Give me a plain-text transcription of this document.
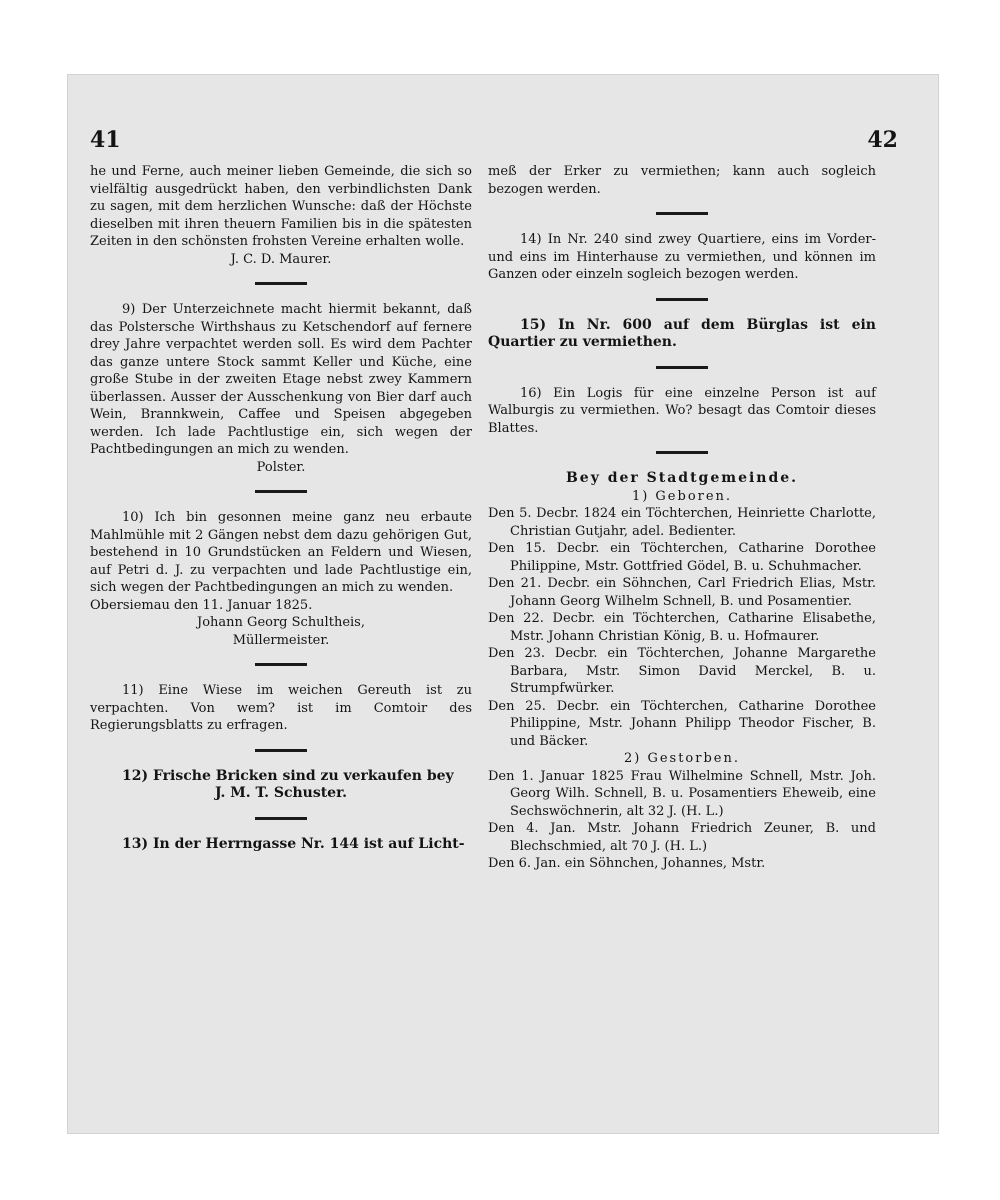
41	42

he und Ferne, auch meiner lieben Gemeinde, die sich so vielfältig ausgedrückt haben, den verbindlichsten Dank zu sagen, mit dem herzlichen Wunsche: daß der Höchste dieselben mit ihren theuern Familien bis in die spätesten Zeiten in den schönsten frohsten Vereine erhalten wolle.

J. C. D. Maurer.

9) Der Unterzeichnete macht hiermit bekannt, daß das Polstersche Wirthshaus zu Ketschendorf auf fernere drey Jahre verpachtet werden soll. Es wird dem Pachter das ganze untere Stock sammt Keller und Küche, eine große Stube in der zweiten Etage nebst zwey Kammern überlassen. Ausser der Ausschenkung von Bier darf auch Wein, Brannkwein, Caffee und Speisen abgegeben werden. Ich lade Pachtlustige ein, sich wegen der Pachtbedingungen an mich zu wenden.

Polster.

10) Ich bin gesonnen meine ganz neu erbaute Mahlmühle mit 2 Gängen nebst dem dazu gehörigen Gut, bestehend in 10 Grundstücken an Feldern und Wiesen, auf Petri d. J. zu verpachten und lade Pachtlustige ein, sich wegen der Pachtbedingungen an mich zu wenden.

Obersiemau den 11. Januar 1825.

Johann Georg Schultheis,

Müllermeister.

11) Eine Wiese im weichen Gereuth ist zu verpachten. Von wem? ist im Comtoir des Regierungsblatts zu erfragen.

12) Frische Bricken sind zu verkaufen bey

J. M. T. Schuster.

13) In der Herrngasse Nr. 144 ist auf Licht-

meß der Erker zu vermiethen; kann auch sogleich bezogen werden.

14) In Nr. 240 sind zwey Quartiere, eins im Vorder- und eins im Hinterhause zu vermiethen, und können im Ganzen oder einzeln sogleich bezogen werden.

15) In Nr. 600 auf dem Bürglas ist ein Quartier zu vermiethen.

16) Ein Logis für eine einzelne Person ist auf Walburgis zu vermiethen. Wo? besagt das Comtoir dieses Blattes.

Bey der Stadtgemeinde.

1) Geboren.

Den 5. Decbr. 1824 ein Töchterchen, Heinriette Charlotte, Christian Gutjahr, adel. Bedienter.

Den 15. Decbr. ein Töchterchen, Catharine Dorothee Philippine, Mstr. Gottfried Gödel, B. u. Schuhmacher.

Den 21. Decbr. ein Söhnchen, Carl Friedrich Elias, Mstr. Johann Georg Wilhelm Schnell, B. und Posamentier.

Den 22. Decbr. ein Töchterchen, Catharine Elisabethe, Mstr. Johann Christian König, B. u. Hofmaurer.

Den 23. Decbr. ein Töchterchen, Johanne Margarethe Barbara, Mstr. Simon David Merckel, B. u. Strumpfwürker.

Den 25. Decbr. ein Töchterchen, Catharine Dorothee Philippine, Mstr. Johann Philipp Theodor Fischer, B. und Bäcker.

2) Gestorben.

Den 1. Januar 1825 Frau Wilhelmine Schnell, Mstr. Joh. Georg Wilh. Schnell, B. u. Posamentiers Eheweib, eine Sechswöchnerin, alt 32 J. (H. L.)

Den 4. Jan. Mstr. Johann Friedrich Zeuner, B. und Blechschmied, alt 70 J. (H. L.)

Den 6. Jan. ein Söhnchen, Johannes, Mstr.
